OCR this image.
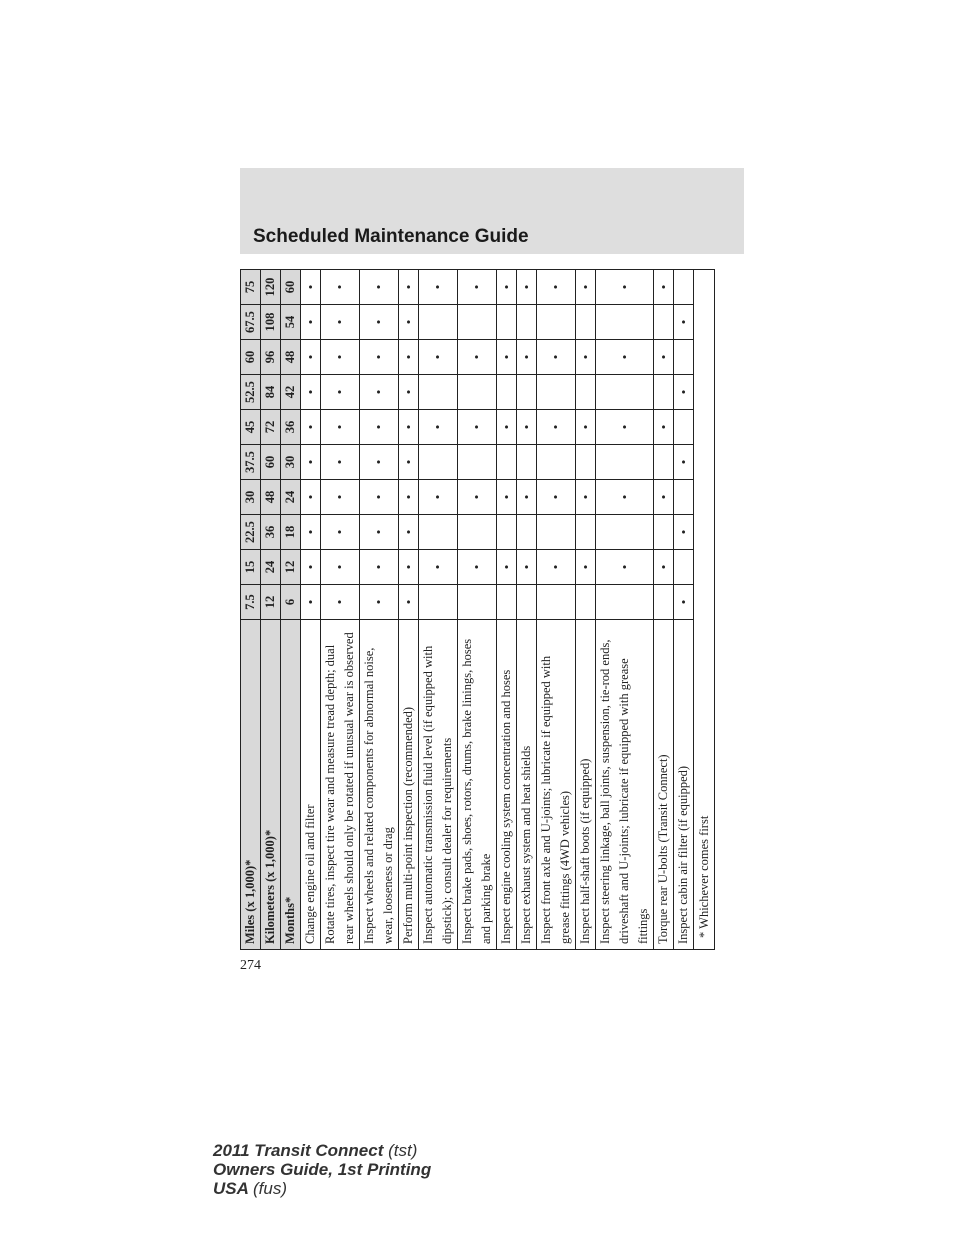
Scheduled Maintenance Guide
Miles (x 1,000)*	7.5	15	22.5	30	37.5	45	52.5	60	67.5	75
Kilometers (x 1,000)*	12	24	36	48	60	72	84	96	108	120
Months*	6	12	18	24	30	36	42	48	54	60
Change engine oil and filter	•	•	•	•	•	•	•	•	•	•
Rotate tires, inspect tire wear and measure tread depth; dual rear wheels should only be rotated if unusual wear is observed	•	•	•	•	•	•	•	•	•	•
Inspect wheels and related components for abnormal noise, wear, looseness or drag	•	•	•	•	•	•	•	•	•	•
Perform multi-point inspection (recommended)	•	•	•	•	•	•	•	•	•	•
Inspect automatic transmission fluid level (if equipped with dipstick); consult dealer for requirements		•		•		•		•		•
Inspect brake pads, shoes, rotors, drums, brake linings, hoses and parking brake		•		•		•		•		•
Inspect engine cooling system concentration and hoses		•		•		•		•		•
Inspect exhaust system and heat shields		•		•		•		•		•
Inspect front axle and U-joints; lubricate if equipped with grease fittings (4WD vehicles)		•		•		•		•		•
Inspect half-shaft boots (if equipped)		•		•		•		•		•
Inspect steering linkage, ball joints, suspension, tie-rod ends, driveshaft and U-joints; lubricate if equipped with grease fittings		•		•		•		•		•
Torque rear U-bolts (Transit Connect)		•		•		•		•		•
Inspect cabin air filter (if equipped)	•		•		•		•		•	
* Whichever comes first										
274
2011 Transit Connect (tst)
Owners Guide, 1st Printing
USA (fus)
